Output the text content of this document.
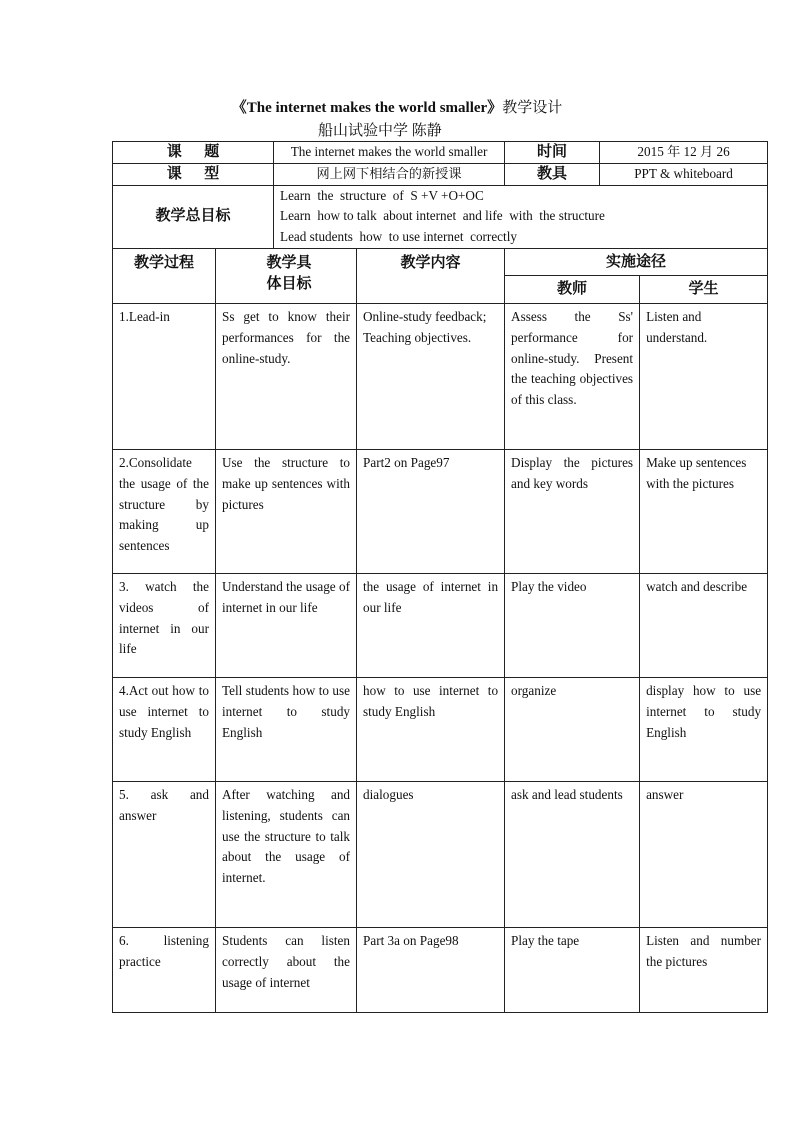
《The internet makes the world smaller》教学设计
船山试验中学 陈静
课      题		The internet makes the world smaller		时间	2015 年 12 月 26	
课      型		网上网下相结合的新授课		教具	PPT & whiteboard	
教学总目标		Learn  the  structure  of  S +V +O+OC
Learn  how to talk  about internet  and life  with  the structure
Lead students  how  to use internet  correctly				

教学过程	教学具体目标		教学内容	实施途径		
				教师		学生
1.Lead-in	Ss get to know their performances for the online-study.		Online-study feedback; Teaching objectives.	Assess the Ss' performance for online-study. Present the teaching objectives of this class.		Listen and understand.
2.Consolidate the usage of the structure by making up sentences	Use the structure to make up sentences with pictures		Part2 on Page97	Display the pictures and key words		Make up sentences with the pictures
3. watch the videos of internet in our life	Understand the usage of internet in our life		the usage of internet in our life	Play the video		watch and describe
4.Act out how to use internet to study English	Tell students how to use internet to study English		how to use internet to study English	organize		display how to use internet to study English
5. ask and answer	After watching and listening, students can use the structure to talk about the usage of internet.		dialogues	ask and lead students		answer
6. listening practice	Students can listen correctly about the usage of internet		Part 3a on Page98	Play the tape		Listen and number the pictures
